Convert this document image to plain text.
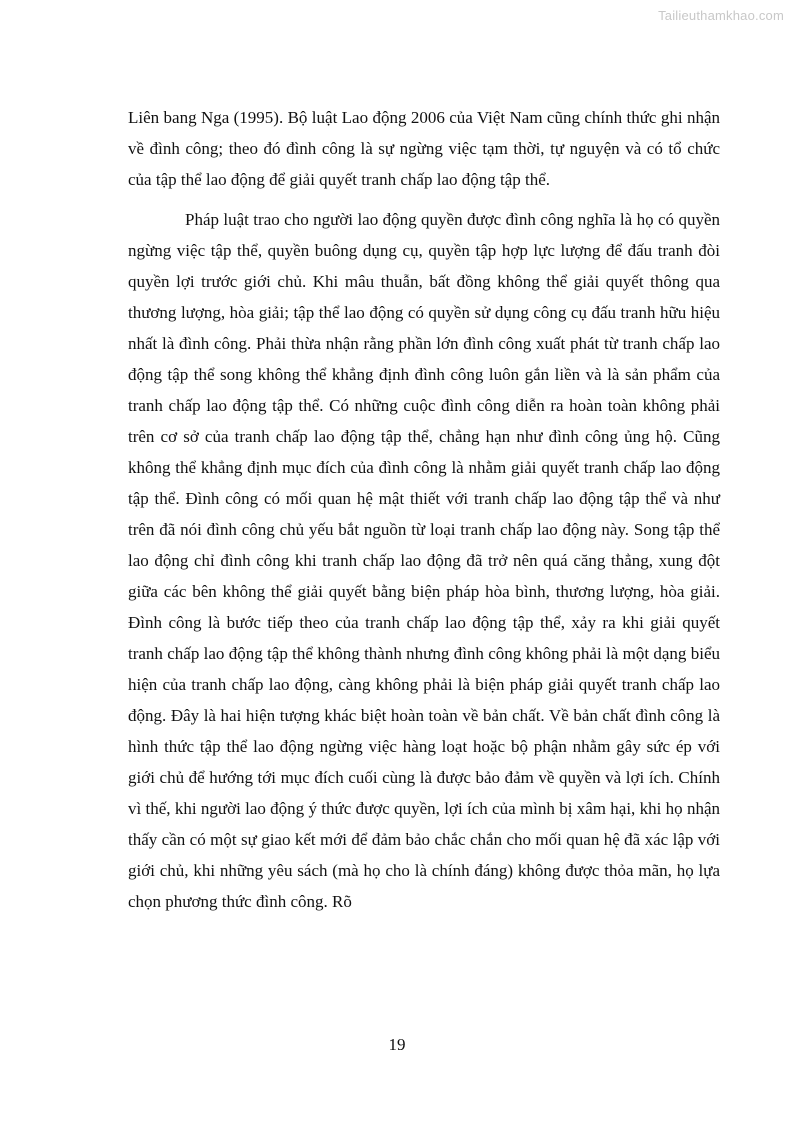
Tailieuthamkhao.com

Liên bang Nga (1995). Bộ luật Lao động 2006 của Việt Nam cũng chính thức ghi nhận về đình công; theo đó đình công là sự ngừng việc tạm thời, tự nguyện và có tổ chức của tập thể lao động để giải quyết tranh chấp lao động tập thể.

Pháp luật trao cho người lao động quyền được đình công nghĩa là họ có quyền ngừng việc tập thể, quyền buông dụng cụ, quyền tập hợp lực lượng để đấu tranh đòi quyền lợi trước giới chủ. Khi mâu thuẫn, bất đồng không thể giải quyết thông qua thương lượng, hòa giải; tập thể lao động có quyền sử dụng công cụ đấu tranh hữu hiệu nhất là đình công. Phải thừa nhận rằng phần lớn đình công xuất phát từ tranh chấp lao động tập thể song không thể khẳng định đình công luôn gắn liền và là sản phẩm của tranh chấp lao động tập thể. Có những cuộc đình công diễn ra hoàn toàn không phải trên cơ sở của tranh chấp lao động tập thể, chẳng hạn như đình công ủng hộ. Cũng không thể khẳng định mục đích của đình công là nhằm giải quyết tranh chấp lao động tập thể. Đình công có mối quan hệ mật thiết với tranh chấp lao động tập thể và như trên đã nói đình công chủ yếu bắt nguồn từ loại tranh chấp lao động này. Song tập thể lao động chỉ đình công khi tranh chấp lao động đã trở nên quá căng thẳng, xung đột giữa các bên không thể giải quyết bằng biện pháp hòa bình, thương lượng, hòa giải. Đình công là bước tiếp theo của tranh chấp lao động tập thể, xảy ra khi giải quyết tranh chấp lao động tập thể không thành nhưng đình công không phải là một dạng biểu hiện của tranh chấp lao động, càng không phải là biện pháp giải quyết tranh chấp lao động. Đây là hai hiện tượng khác biệt hoàn toàn về bản chất. Về bản chất đình công là hình thức tập thể lao động ngừng việc hàng loạt hoặc bộ phận nhằm gây sức ép với giới chủ để hướng tới mục đích cuối cùng là được bảo đảm về quyền và lợi ích. Chính vì thế, khi người lao động ý thức được quyền, lợi ích của mình bị xâm hại, khi họ nhận thấy cần có một sự giao kết mới để đảm bảo chắc chắn cho mối quan hệ đã xác lập với giới chủ, khi những yêu sách (mà họ cho là chính đáng) không được thỏa mãn, họ lựa chọn phương thức đình công. Rõ

19
